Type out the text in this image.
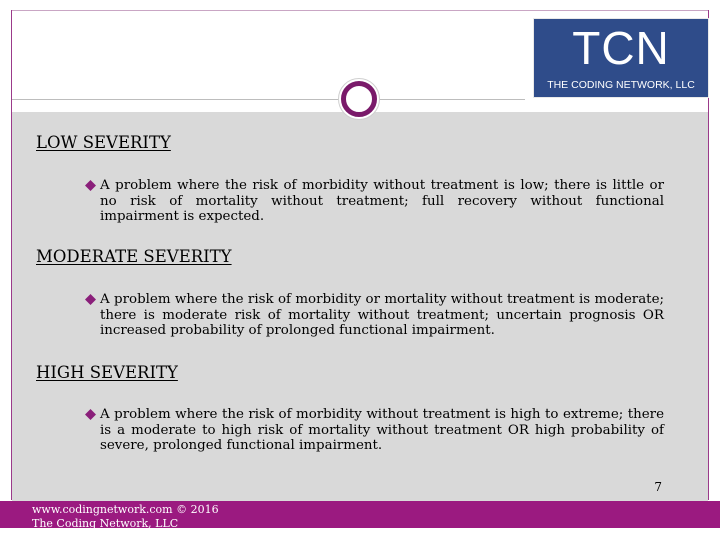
TCN
THE CODING NETWORK, LLC
LOW SEVERITY
A problem where the risk of morbidity without treatment is low; there is little or no risk of mortality without treatment; full recovery without functional impairment is expected.
MODERATE SEVERITY
A problem where the risk of morbidity or mortality without treatment is moderate; there is moderate risk of mortality without treatment; uncertain prognosis OR increased probability of prolonged functional impairment.
HIGH SEVERITY
A problem where the risk of morbidity without treatment is high to extreme; there is a moderate to high risk of mortality without treatment OR high probability of severe, prolonged functional impairment.
7
www.codingnetwork.com © 2016
The Coding Network, LLC
